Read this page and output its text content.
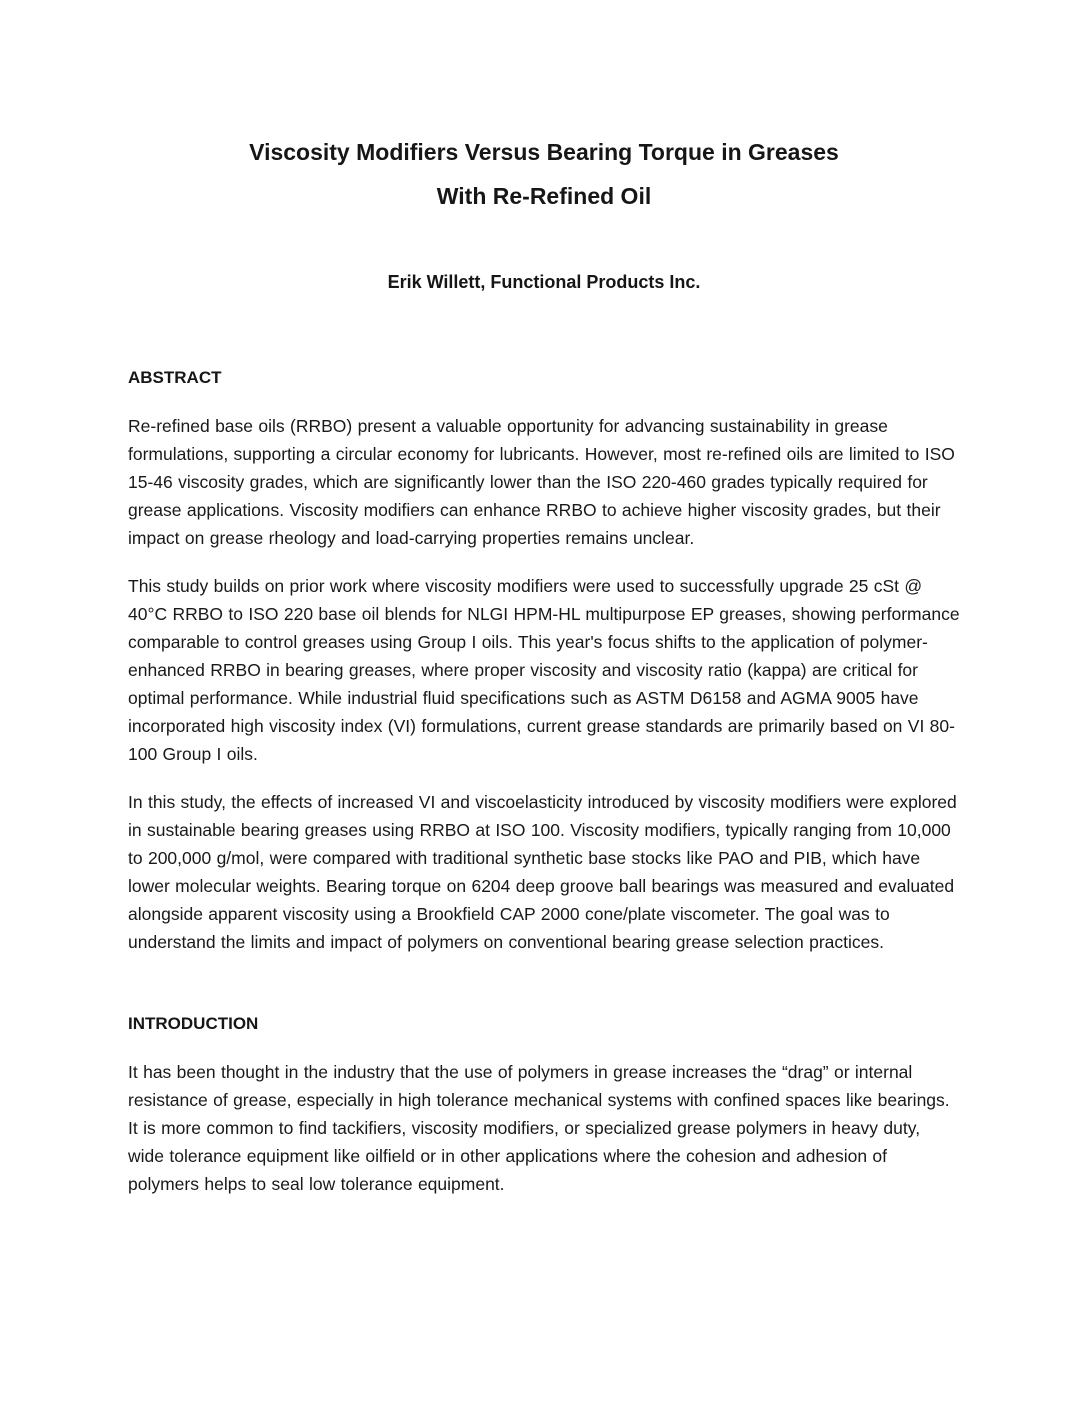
Viscosity Modifiers Versus Bearing Torque in Greases
With Re-Refined Oil
Erik Willett, Functional Products Inc.
ABSTRACT

Re-refined base oils (RRBO) present a valuable opportunity for advancing sustainability in grease formulations, supporting a circular economy for lubricants. However, most re-refined oils are limited to ISO 15-46 viscosity grades, which are significantly lower than the ISO 220-460 grades typically required for grease applications. Viscosity modifiers can enhance RRBO to achieve higher viscosity grades, but their impact on grease rheology and load-carrying properties remains unclear.

This study builds on prior work where viscosity modifiers were used to successfully upgrade 25 cSt @ 40°C RRBO to ISO 220 base oil blends for NLGI HPM-HL multipurpose EP greases, showing performance comparable to control greases using Group I oils. This year's focus shifts to the application of polymer-enhanced RRBO in bearing greases, where proper viscosity and viscosity ratio (kappa) are critical for optimal performance. While industrial fluid specifications such as ASTM D6158 and AGMA 9005 have incorporated high viscosity index (VI) formulations, current grease standards are primarily based on VI 80-100 Group I oils.

In this study, the effects of increased VI and viscoelasticity introduced by viscosity modifiers were explored in sustainable bearing greases using RRBO at ISO 100. Viscosity modifiers, typically ranging from 10,000 to 200,000 g/mol, were compared with traditional synthetic base stocks like PAO and PIB, which have lower molecular weights. Bearing torque on 6204 deep groove ball bearings was measured and evaluated alongside apparent viscosity using a Brookfield CAP 2000 cone/plate viscometer. The goal was to understand the limits and impact of polymers on conventional bearing grease selection practices.

INTRODUCTION

It has been thought in the industry that the use of polymers in grease increases the “drag” or internal resistance of grease, especially in high tolerance mechanical systems with confined spaces like bearings. It is more common to find tackifiers, viscosity modifiers, or specialized grease polymers in heavy duty, wide tolerance equipment like oilfield or in other applications where the cohesion and adhesion of polymers helps to seal low tolerance equipment.
